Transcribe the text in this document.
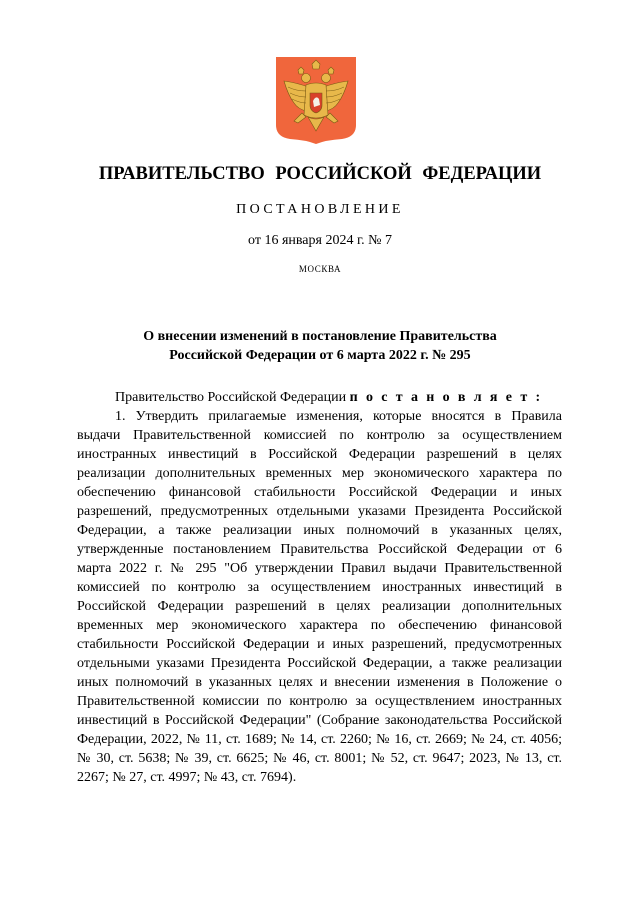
ПРАВИТЕЛЬСТВО РОССИЙСКОЙ ФЕДЕРАЦИИ
ПОСТАНОВЛЕНИЕ
от 16 января 2024 г. № 7
МОСКВА
О внесении изменений в постановление Правительства
Российской Федерации от 6 марта 2022 г. № 295

Правительство Российской Федерации п о с т а н о в л я е т :

1. Утвердить прилагаемые изменения, которые вносятся в Правила выдачи Правительственной комиссией по контролю за осуществлением иностранных инвестиций в Российской Федерации разрешений в целях реализации дополнительных временных мер экономического характера по обеспечению финансовой стабильности Российской Федерации и иных разрешений, предусмотренных отдельными указами Президента Российской Федерации, а также реализации иных полномочий в указанных целях, утвержденные постановлением Правительства Российской Федерации от 6 марта 2022 г. № 295 "Об утверждении Правил выдачи Правительственной комиссией по контролю за осуществлением иностранных инвестиций в Российской Федерации разрешений в целях реализации дополнительных временных мер экономического характера по обеспечению финансовой стабильности Российской Федерации и иных разрешений, предусмотренных отдельными указами Президента Российской Федерации, а также реализации иных полномочий в указанных целях и внесении изменения в Положение о Правительственной комиссии по контролю за осуществлением иностранных инвестиций в Российской Федерации" (Собрание законодательства Российской Федерации, 2022, № 11, ст. 1689; № 14, ст. 2260; № 16, ст. 2669; № 24, ст. 4056; № 30, ст. 5638; № 39, ст. 6625; № 46, ст. 8001; № 52, ст. 9647; 2023, № 13, ст. 2267; № 27, ст. 4997; № 43, ст. 7694).
